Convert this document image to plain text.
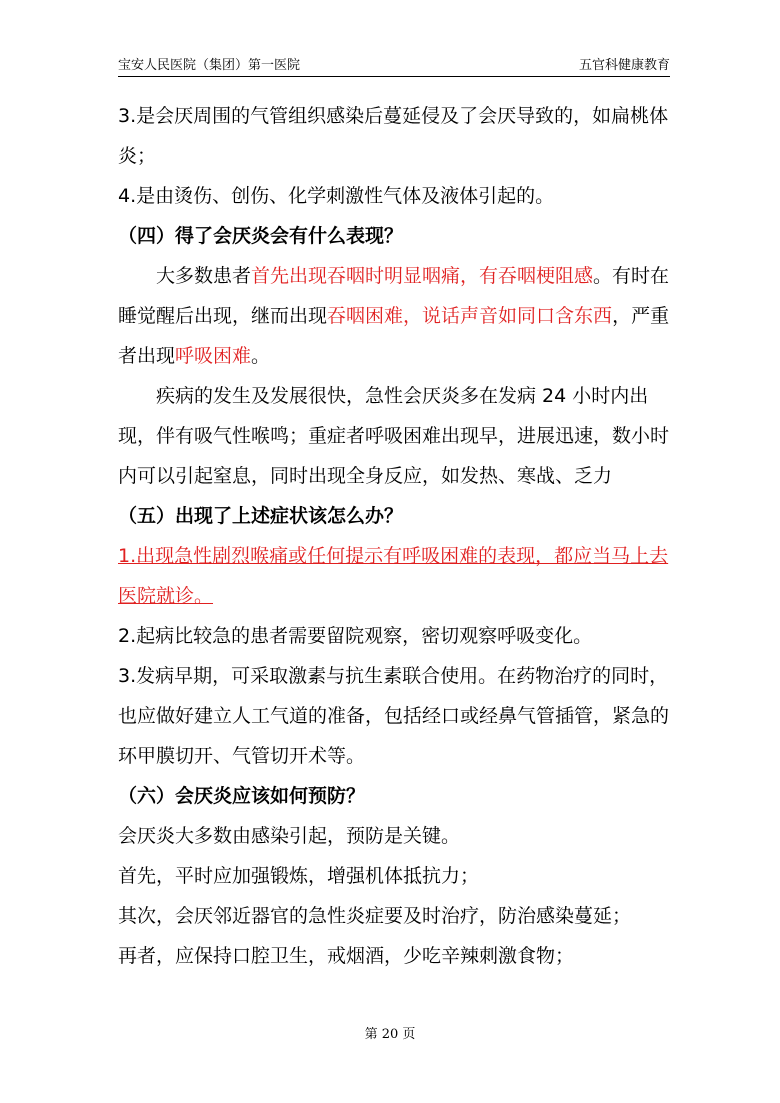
宝安人民医院（集团）第一医院	五官科健康教育

3.是会厌周围的气管组织感染后蔓延侵及了会厌导致的，如扁桃体炎；

4.是由烫伤、创伤、化学刺激性气体及液体引起的。

（四）得了会厌炎会有什么表现？

大多数患者首先出现吞咽时明显咽痛，有吞咽梗阻感。有时在睡觉醒后出现，继而出现吞咽困难，说话声音如同口含东西，严重者出现呼吸困难。

疾病的发生及发展很快，急性会厌炎多在发病 24 小时内出现，伴有吸气性喉鸣；重症者呼吸困难出现早，进展迅速，数小时内可以引起窒息，同时出现全身反应，如发热、寒战、乏力

（五）出现了上述症状该怎么办？

1.出现急性剧烈喉痛或任何提示有呼吸困难的表现，都应当马上去医院就诊。

2.起病比较急的患者需要留院观察，密切观察呼吸变化。

3.发病早期，可采取激素与抗生素联合使用。在药物治疗的同时，也应做好建立人工气道的准备，包括经口或经鼻气管插管，紧急的环甲膜切开、气管切开术等。

（六）会厌炎应该如何预防？

会厌炎大多数由感染引起，预防是关键。

首先，平时应加强锻炼，增强机体抵抗力；

其次，会厌邻近器官的急性炎症要及时治疗，防治感染蔓延；

再者，应保持口腔卫生，戒烟酒，少吃辛辣刺激食物；

第 20 页
